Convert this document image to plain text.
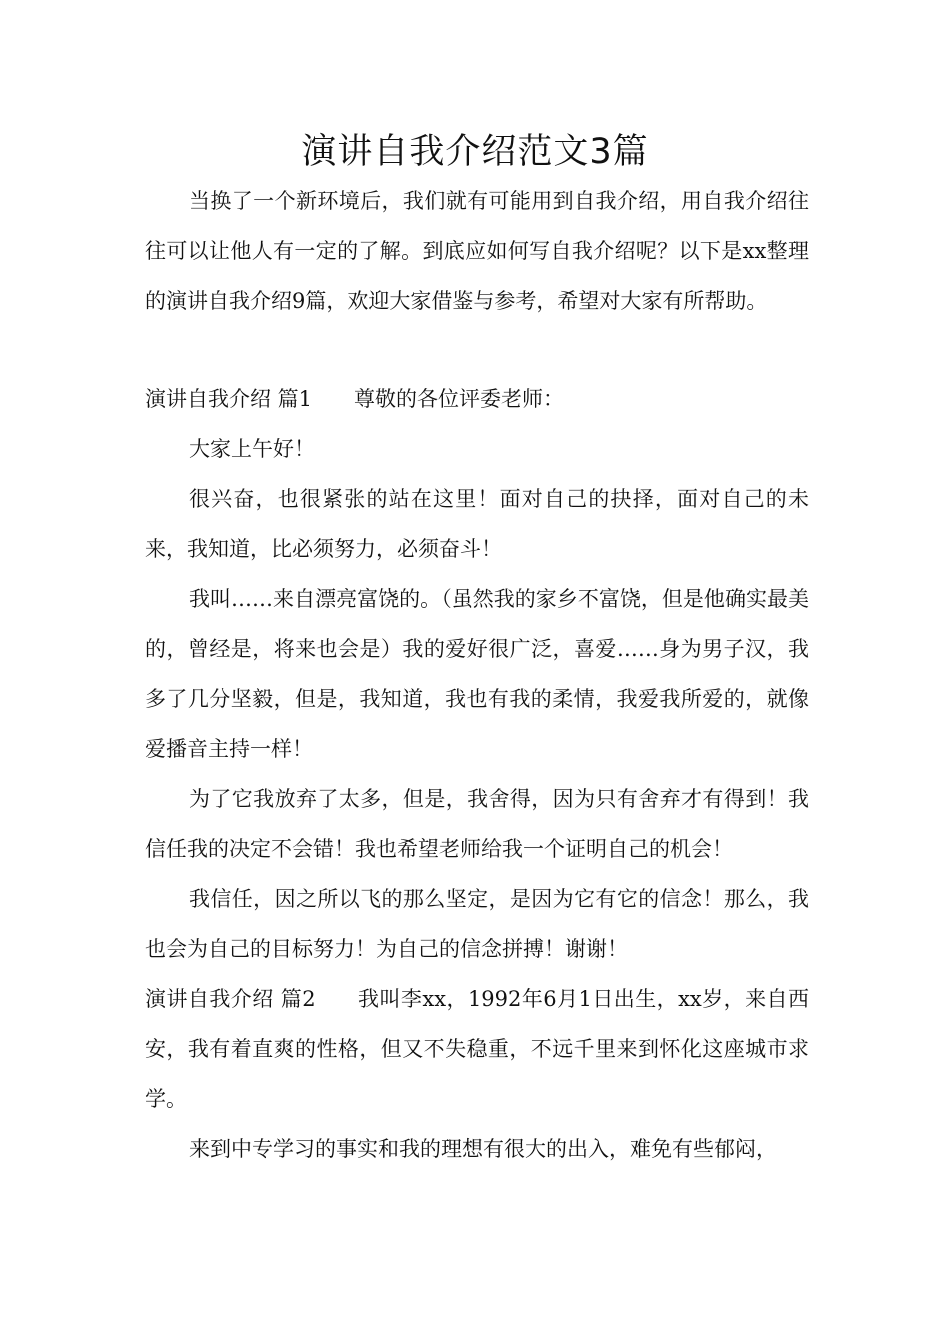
演讲自我介绍范文3篇

当换了一个新环境后，我们就有可能用到自我介绍，用自我介绍往往可以让他人有一定的了解。到底应如何写自我介绍呢？以下是xx整理的演讲自我介绍9篇，欢迎大家借鉴与参考，希望对大家有所帮助。

演讲自我介绍 篇1 尊敬的各位评委老师：

大家上午好！

很兴奋，也很紧张的站在这里！面对自己的抉择，面对自己的未来，我知道，比必须努力，必须奋斗！

我叫……来自漂亮富饶的。（虽然我的家乡不富饶，但是他确实最美的，曾经是，将来也会是）我的爱好很广泛，喜爱……身为男子汉，我多了几分坚毅，但是，我知道，我也有我的柔情，我爱我所爱的，就像爱播音主持一样！

为了它我放弃了太多，但是，我舍得，因为只有舍弃才有得到！我信任我的决定不会错！我也希望老师给我一个证明自己的机会！

我信任，因之所以飞的那么坚定，是因为它有它的信念！那么，我也会为自己的目标努力！为自己的信念拼搏！谢谢！

演讲自我介绍 篇2 我叫李xx，1992年6月1日出生，xx岁，来自西安，我有着直爽的性格，但又不失稳重，不远千里来到怀化这座城市求学。

来到中专学习的事实和我的理想有很大的出入，难免有些郁闷，
